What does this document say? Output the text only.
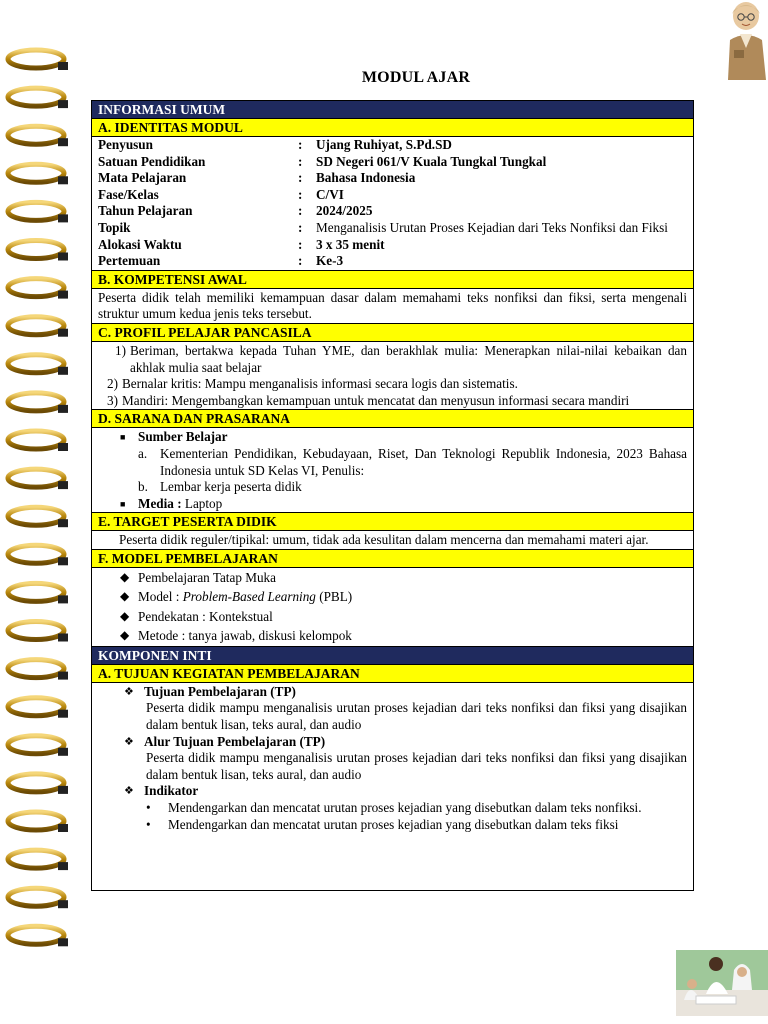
MODUL AJAR
INFORMASI UMUM
A. IDENTITAS MODUL
Penyusun	:	Ujang Ruhiyat, S.Pd.SD
Satuan Pendidikan	:	SD Negeri 061/V Kuala Tungkal Tungkal
Mata Pelajaran	:	Bahasa Indonesia
Fase/Kelas	:	C/VI
Tahun Pelajaran	:	2024/2025
Topik	:	Menganalisis Urutan Proses Kejadian dari Teks Nonfiksi dan Fiksi
Alokasi Waktu	:	3 x 35 menit
Pertemuan	:	Ke-3
B. KOMPETENSI AWAL
Peserta didik telah memiliki kemampuan dasar dalam memahami teks nonfiksi dan fiksi, serta mengenali struktur umum kedua jenis teks tersebut.
C. PROFIL PELAJAR PANCASILA
1) Beriman, bertakwa kepada Tuhan YME, dan berakhlak mulia: Menerapkan nilai-nilai kebaikan dan akhlak mulia saat belajar
2) Bernalar kritis: Mampu menganalisis informasi secara logis dan sistematis.
3) Mandiri: Mengembangkan kemampuan untuk mencatat dan menyusun informasi secara mandiri
D. SARANA DAN PRASARANA
■ Sumber Belajar
a. Kementerian Pendidikan, Kebudayaan, Riset, Dan Teknologi Republik Indonesia, 2023 Bahasa Indonesia untuk SD Kelas VI, Penulis:
b. Lembar kerja peserta didik
■ Media : Laptop
E. TARGET PESERTA DIDIK
Peserta didik reguler/tipikal: umum, tidak ada kesulitan dalam mencerna dan memahami materi ajar.
F. MODEL PEMBELAJARAN
◆ Pembelajaran Tatap Muka
◆ Model : Problem-Based Learning (PBL)
◆ Pendekatan : Kontekstual
◆ Metode : tanya jawab, diskusi kelompok
KOMPONEN INTI
A. TUJUAN KEGIATAN PEMBELAJARAN
❖ Tujuan Pembelajaran (TP)
Peserta didik mampu menganalisis urutan proses kejadian dari teks nonfiksi dan fiksi yang disajikan dalam bentuk lisan, teks aural, dan audio
❖ Alur Tujuan Pembelajaran (TP)
Peserta didik mampu menganalisis urutan proses kejadian dari teks nonfiksi dan fiksi yang disajikan dalam bentuk lisan, teks aural, dan audio
❖ Indikator
•	Mendengarkan dan mencatat urutan proses kejadian yang disebutkan dalam teks nonfiksi.
•	Mendengarkan dan mencatat urutan proses kejadian yang disebutkan dalam teks fiksi
